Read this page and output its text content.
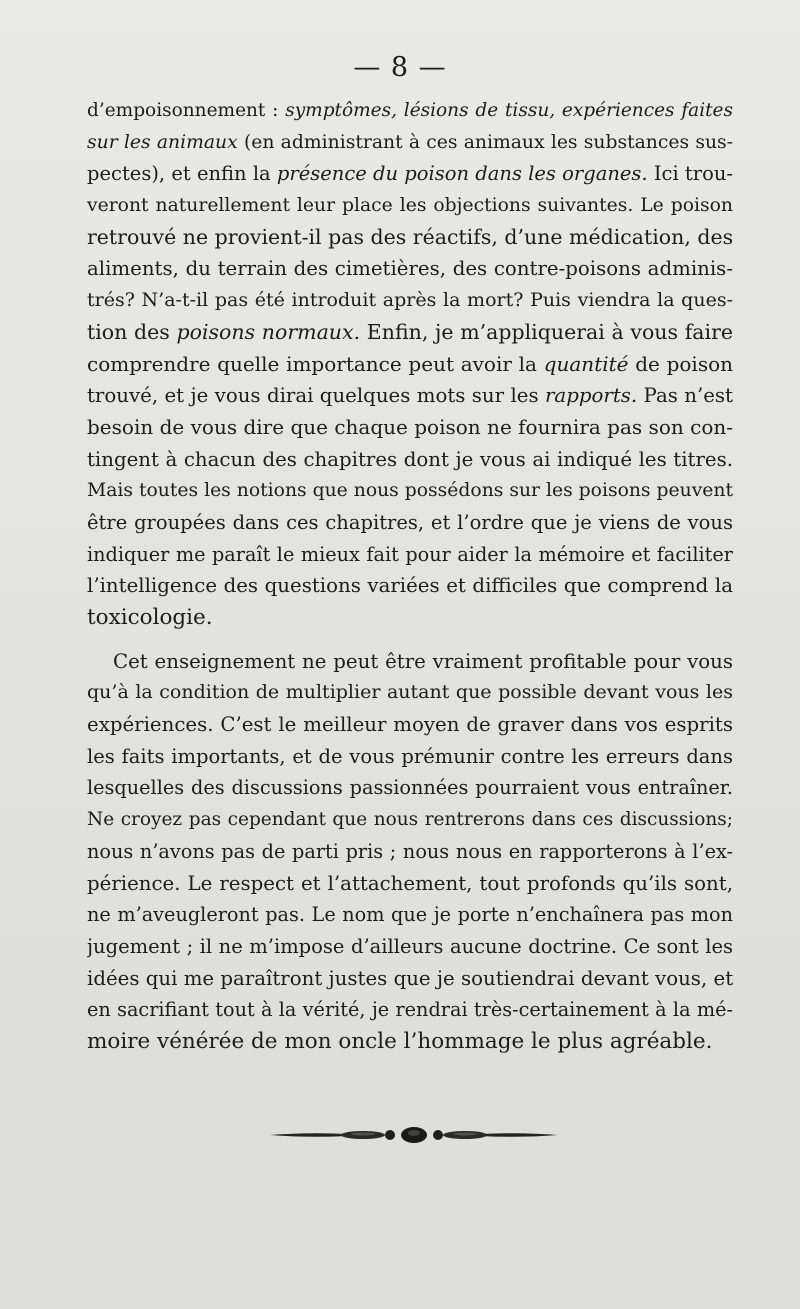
— 8 —
d’empoisonnement : symptômes, lésions de tissu, expériences faites
sur les animaux (en administrant à ces animaux les substances sus-
pectes), et enfin la présence du poison dans les organes. Ici trou-
veront naturellement leur place les objections suivantes. Le poison
retrouvé ne provient-il pas des réactifs, d’une médication, des
aliments, du terrain des cimetières, des contre-poisons adminis-
trés? N’a-t-il pas été introduit après la mort? Puis viendra la ques-
tion des poisons normaux. Enfin, je m’appliquerai à vous faire
comprendre quelle importance peut avoir la quantité de poison
trouvé, et je vous dirai quelques mots sur les rapports. Pas n’est
besoin de vous dire que chaque poison ne fournira pas son con-
tingent à chacun des chapitres dont je vous ai indiqué les titres.
Mais toutes les notions que nous possédons sur les poisons peuvent
être groupées dans ces chapitres, et l’ordre que je viens de vous
indiquer me paraît le mieux fait pour aider la mémoire et faciliter
l’intelligence des questions variées et difficiles que comprend la
toxicologie.
Cet enseignement ne peut être vraiment profitable pour vous
qu’à la condition de multiplier autant que possible devant vous les
expériences. C’est le meilleur moyen de graver dans vos esprits
les faits importants, et de vous prémunir contre les erreurs dans
lesquelles des discussions passionnées pourraient vous entraîner.
Ne croyez pas cependant que nous rentrerons dans ces discussions;
nous n’avons pas de parti pris ; nous nous en rapporterons à l’ex-
périence. Le respect et l’attachement, tout profonds qu’ils sont,
ne m’aveugleront pas. Le nom que je porte n’enchaînera pas mon
jugement ; il ne m’impose d’ailleurs aucune doctrine. Ce sont les
idées qui me paraîtront justes que je soutiendrai devant vous, et
en sacrifiant tout à la vérité, je rendrai très-certainement à la mé-
moire vénérée de mon oncle l’hommage le plus agréable.
